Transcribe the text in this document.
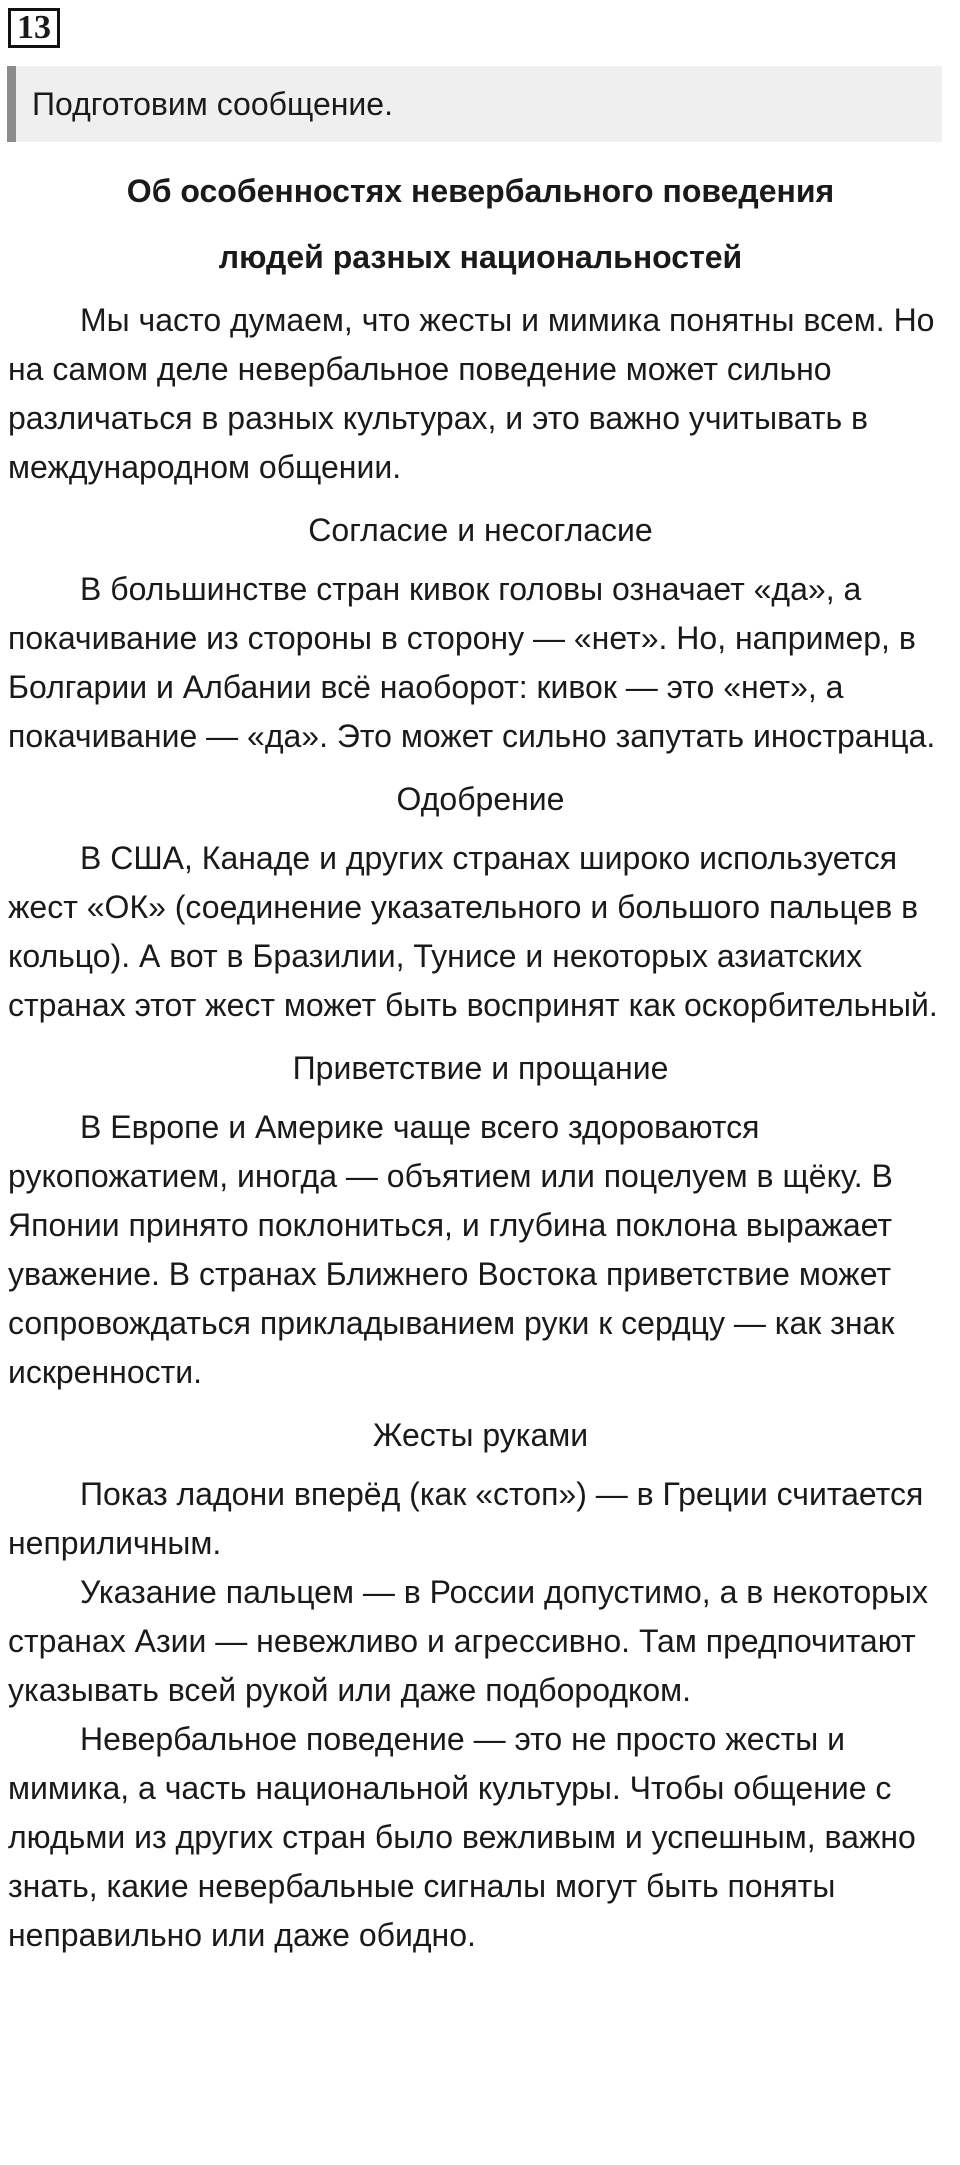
13
Подготовим сообщение.
Об особенностях невербального поведения
людей разных национальностей

Мы часто думаем, что жесты и мимика понятны всем. Но на самом деле невербальное поведение может сильно различаться в разных культурах, и это важно учитывать в международном общении.

Согласие и несогласие

В большинстве стран кивок головы означает «да», а покачивание из стороны в сторону — «нет». Но, например, в Болгарии и Албании всё наоборот: кивок — это «нет», а покачивание — «да». Это может сильно запутать иностранца.

Одобрение

В США, Канаде и других странах широко используется жест «ОК» (соединение указательного и большого пальцев в кольцо). А вот в Бразилии, Тунисе и некоторых азиатских странах этот жест может быть воспринят как оскорбительный.

Приветствие и прощание

В Европе и Америке чаще всего здороваются рукопожатием, иногда — объятием или поцелуем в щёку. В Японии принято поклониться, и глубина поклона выражает уважение. В странах Ближнего Востока приветствие может сопровождаться прикладыванием руки к сердцу — как знак искренности.

Жесты руками

Показ ладони вперёд (как «стоп») — в Греции считается неприличным.

Указание пальцем — в России допустимо, а в некоторых странах Азии — невежливо и агрессивно. Там предпочитают указывать всей рукой или даже подбородком.

Невербальное поведение — это не просто жесты и мимика, а часть национальной культуры. Чтобы общение с людьми из других стран было вежливым и успешным, важно знать, какие невербальные сигналы могут быть поняты неправильно или даже обидно.
